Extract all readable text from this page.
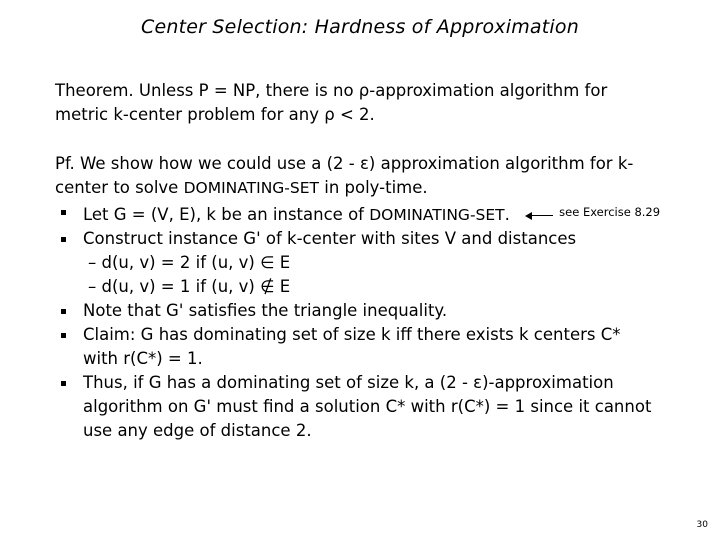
Center Selection: Hardness of Approximation
Theorem. Unless P = NP, there is no ρ-approximation algorithm for
metric k-center problem for any ρ < 2.
Pf. We show how we could use a (2 - ε) approximation algorithm for k-
center to solve DOMINATING-SET in poly-time.
Let G = (V, E), k be an instance of DOMINATING-SET.	$^{see Exercise 8.29}$
Construct instance G' of k-center with sites V and distances
– d(u, v) = 2 if (u, v) ∈ E
– d(u, v) = 1 if (u, v) ∉ E
Note that G' satisfies the triangle inequality.
Claim: G has dominating set of size k iff there exists k centers C*
with r(C*) = 1.
Thus, if G has a dominating set of size k, a (2 - ε)-approximation
algorithm on G' must find a solution C* with r(C*) = 1 since it cannot
use any edge of distance 2.
30
